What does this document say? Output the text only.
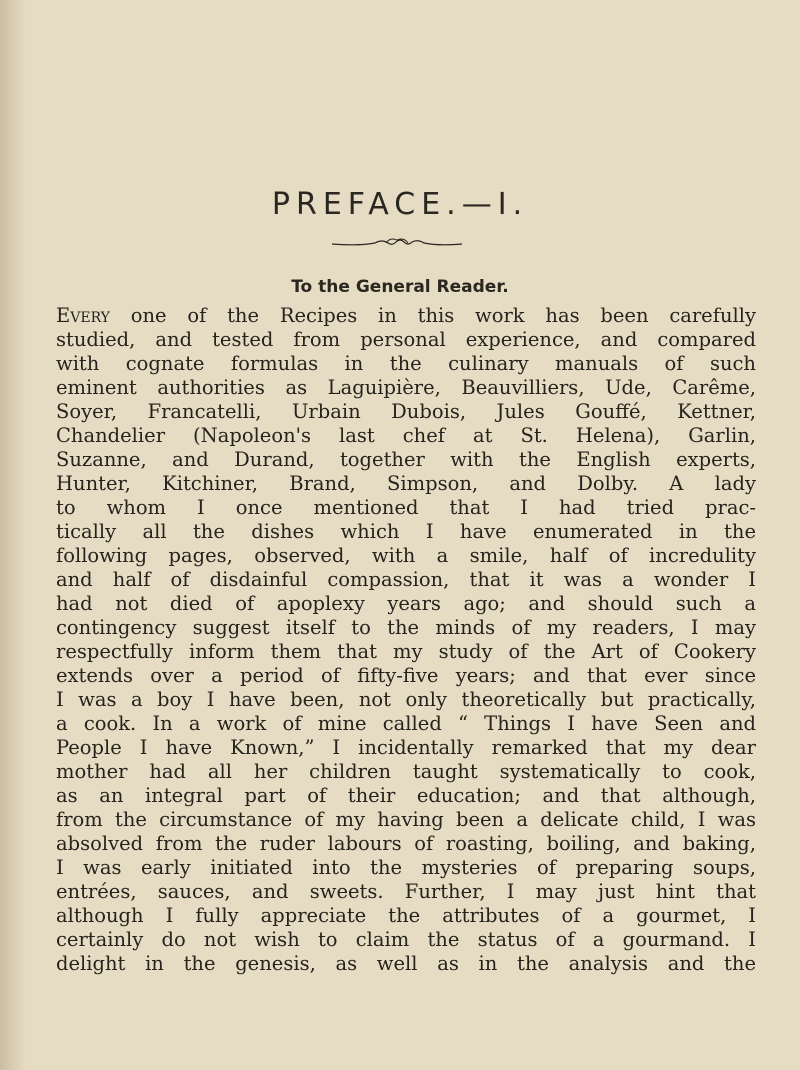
PREFACE.—I.
To the General Reader.
Every one of the Recipes in this work has been carefully
studied, and tested from personal experience, and compared
with cognate formulas in the culinary manuals of such
eminent authorities as Laguipière, Beauvilliers, Ude, Carême,
Soyer, Francatelli, Urbain Dubois, Jules Gouffé, Kettner,
Chandelier (Napoleon's last chef at St. Helena), Garlin,
Suzanne, and Durand, together with the English experts,
Hunter, Kitchiner, Brand, Simpson, and Dolby. A lady
to whom I once mentioned that I had tried prac-
tically all the dishes which I have enumerated in the
following pages, observed, with a smile, half of incredulity
and half of disdainful compassion, that it was a wonder I
had not died of apoplexy years ago; and should such a
contingency suggest itself to the minds of my readers, I may
respectfully inform them that my study of the Art of Cookery
extends over a period of fifty-five years; and that ever since
I was a boy I have been, not only theoretically but practically,
a cook. In a work of mine called “ Things I have Seen and
People I have Known,” I incidentally remarked that my dear
mother had all her children taught systematically to cook,
as an integral part of their education; and that although,
from the circumstance of my having been a delicate child, I was
absolved from the ruder labours of roasting, boiling, and baking,
I was early initiated into the mysteries of preparing soups,
entrées, sauces, and sweets. Further, I may just hint that
although I fully appreciate the attributes of a gourmet, I
certainly do not wish to claim the status of a gourmand. I
delight in the genesis, as well as in the analysis and the
